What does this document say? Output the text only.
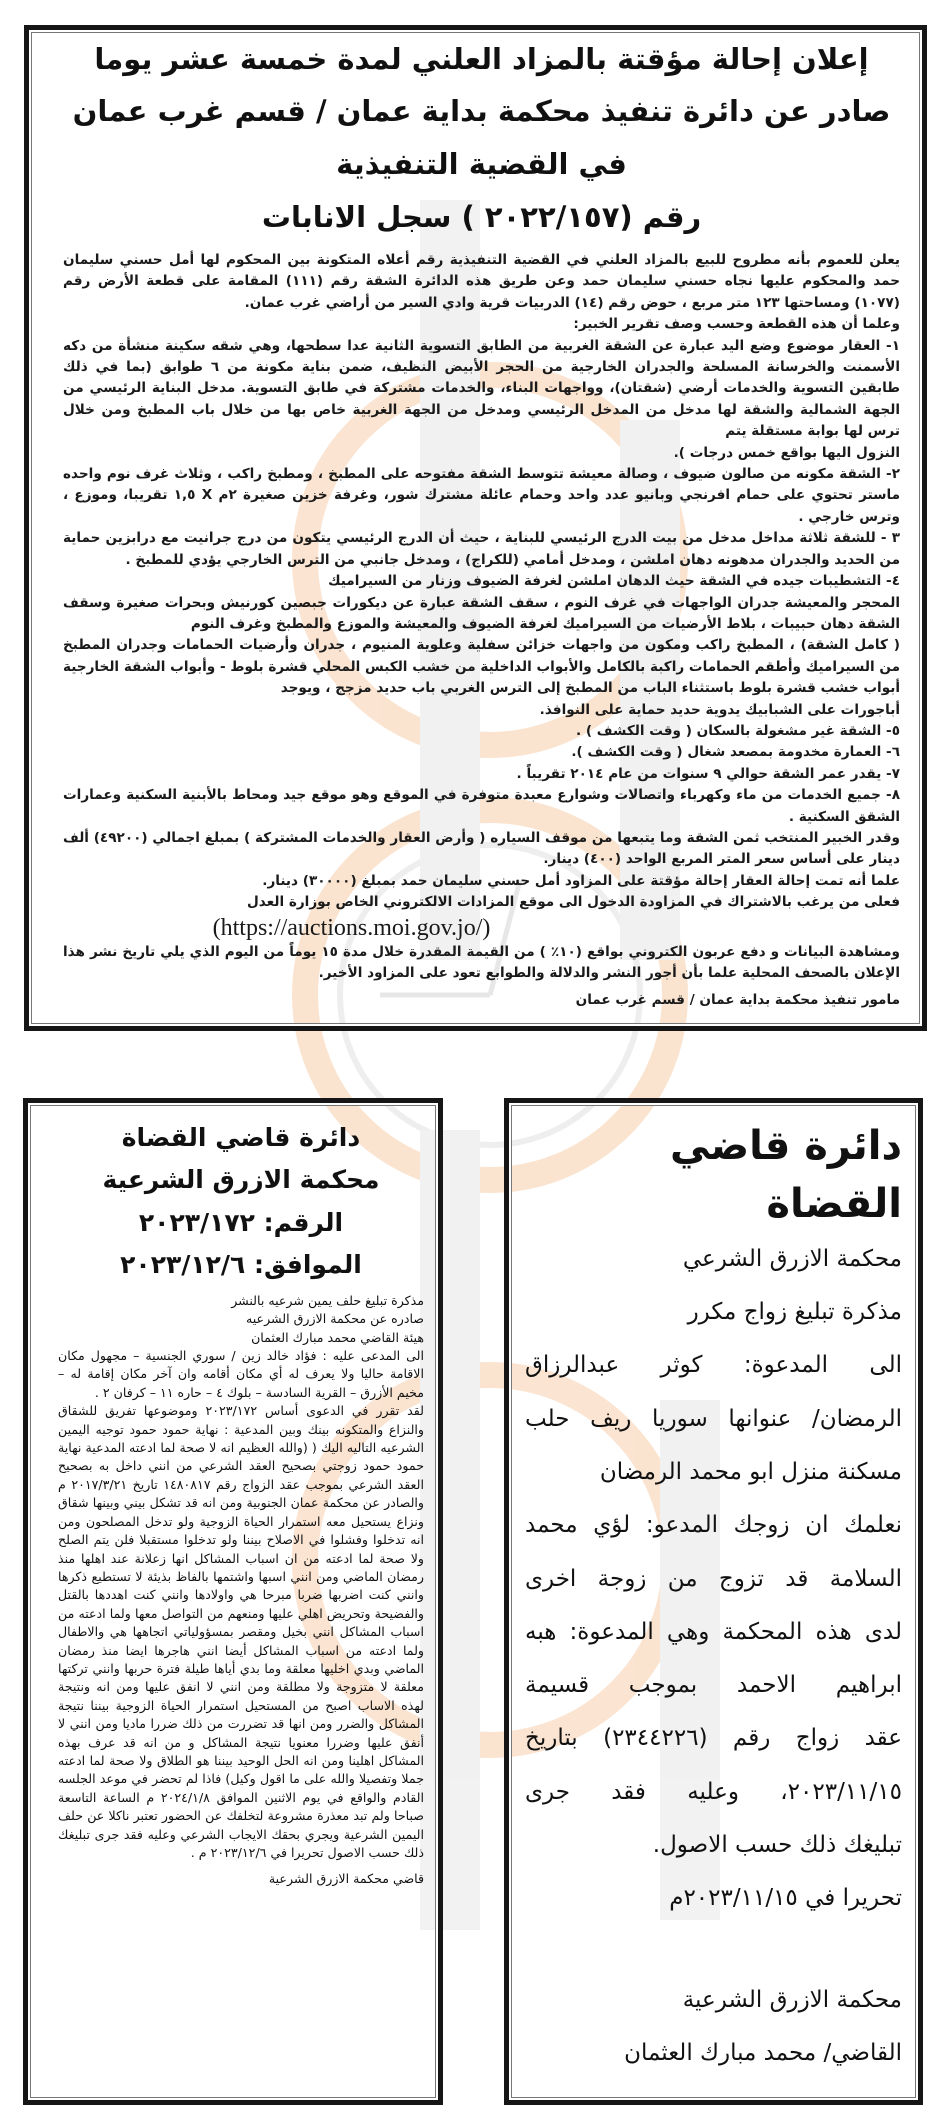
إعلان إحالة مؤقتة بالمزاد العلني لمدة خمسة عشر يوما
صادر عن دائرة تنفيذ محكمة بداية عمان / قسم غرب عمان
في القضية التنفيذية
رقم (٢٠٢٢/١٥٧ ) سجل الانابات

يعلن للعموم بأنه مطروح للبيع بالمزاد العلني في القضية التنفيذية رقم أعلاه المتكونة بين المحكوم لها أمل حسني سليمان حمد والمحكوم عليها نجاه حسني سليمان حمد وعن طريق هذه الدائرة الشقة رقم (١١١) المقامة على قطعة الأرض رقم (١٠٧٧) ومساحتها ١٢٣ متر مربع ، حوض رقم (١٤) الدربيات قرية وادي السير من أراضي غرب عمان.

وعلما أن هذه القطعة وحسب وصف تقرير الخبير:

١- العقار موضوع وضع اليد عبارة عن الشقة الغربية من الطابق التسوية الثانية عدا سطحها، وهي شقه سكينة منشأة من دكه الأسمنت والخرسانة المسلحة والجدران الخارجية من الحجر الأبيض النظيف، ضمن بناية مكونة من ٦ طوابق (بما في ذلك طابقين التسوية والخدمات أرضي (شقتان)، وواجهات البناء، والخدمات مشتركة في طابق التسوية. مدخل البناية الرئيسي من الجهة الشمالية والشقة لها مدخل من المدخل الرئيسي ومدخل من الجهة الغربية خاص بها من خلال باب المطبخ ومن خلال ترس لها بوابة مستقلة يتم

النزول اليها بواقع خمس درجات ).

٢- الشقة مكونه من صالون ضيوف ، وصالة معيشة تتوسط الشقة مفتوحه على المطبخ ، ومطبخ راكب ، وثلاث غرف نوم واحده ماستر تحتوي على حمام افرنجي وبانيو عدد واحد وحمام عائلة مشترك شور، وغرفة خزين صغيرة ٢م X ١,٥ تقريبا، وموزع ، وترس خارجي .

٣ - للشقة ثلاثة مداخل مدخل من بيت الدرج الرئيسي للبناية ، حيث أن الدرج الرئيسي يتكون من درج جرانيت مع درابزين حماية من الحديد والجدران مدهونه دهان املشن ، ومدخل أمامي (للكراج) ، ومدخل جانبي من الترس الخارجي يؤدي للمطبخ .

٤- التشطيبات جيده في الشقة حيث الدهان املشن لغرفة الضيوف وزنار من السيراميك

المحجر والمعيشة جدران الواجهات في غرف النوم ، سقف الشقة عبارة عن ديكورات جبصين كورنيش وبحرات صغيرة وسقف الشقة دهان حبيبات ، بلاط الأرضيات من السيراميك لغرفة الضيوف والمعيشة والموزع والمطبخ وغرف النوم

( كامل الشقة) ، المطبخ راكب ومكون من واجهات خزائن سفلية وعلوية المنيوم ، جدران وأرضيات الحمامات وجدران المطبخ من السيراميك وأطقم الحمامات راكبة بالكامل والأبواب الداخلية من خشب الكبس المحلي قشرة بلوط - وأبواب الشقة الخارجية أبواب خشب قشرة بلوط باستثناء الباب من المطبخ إلى الترس الغربي باب حديد مزجج ، ويوجد

أباجورات على الشبابيك يدوية حديد حماية على النوافذ.

٥- الشقة غير مشغولة بالسكان ( وقت الكشف ) .

٦- العمارة مخدومة بمصعد شغال ( وقت الكشف ).

٧- يقدر عمر الشقة حوالي ٩ سنوات من عام ٢٠١٤ تقريباً .

٨- جميع الخدمات من ماء وكهرباء واتصالات وشوارع معبدة متوفرة في الموقع وهو موقع جيد ومحاط بالأبنية السكنية وعمارات الشقق السكنية .

وقدر الخبير المنتخب ثمن الشقة وما يتبعها من موقف السياره ( وأرض العقار والخدمات المشتركة ) بمبلغ اجمالي (٤٩٢٠٠) ألف دينار على أساس سعر المتر المربع الواحد (٤٠٠) دينار.

علما أنه تمت إحالة العقار إحالة مؤقتة على المزاود أمل حسني سليمان حمد بمبلغ (٣٠٠٠٠) دينار.

فعلى من يرغب بالاشتراك في المزاودة الدخول الى موقع المزادات الالكتروني الخاص بوزارة العدل

(https://auctions.moi.gov.jo/)

ومشاهدة البيانات و دفع عربون الكتروني بواقع (١٠٪ ) من القيمة المقدرة خلال مدة ١٥ يوماً من اليوم الذي يلي تاريخ نشر هذا الإعلان بالصحف المحلية علما بأن أجور النشر والدلالة والطوابع تعود على المزاود الأخير.

مامور تنفيذ محكمة بداية عمان / قسم غرب عمان

دائرة قاضي القضاة
محكمة الازرق الشرعية
الرقم: ٢٠٢٣/١٧٢
الموافق: ٢٠٢٣/١٢/٦

مذكرة تبليغ حلف يمين شرعيه بالنشر

صادره عن محكمة الازرق الشرعيه

هيئة القاضي محمد مبارك العثمان

الى المدعى عليه : فؤاد خالد زين / سوري الجنسية – مجهول مكان الاقامة حاليا ولا يعرف له أي مكان أقامه وان آخر مكان إقامة له – مخيم الأزرق – القرية السادسة – بلوك ٤ – حاره ١١ – كرفان ٢ .

لقد تقرر في الدعوى أساس ٢٠٢٣/١٧٢ وموضوعها تفريق للشقاق والنزاع والمتكونه بينك وبين المدعية : نهاية حمود حمود توجيه اليمين الشرعيه التاليه اليك ( (والله العظيم انه لا صحة لما ادعته المدعية نهاية حمود حمود زوجتي بصحيح العقد الشرعي من انني داخل به بصحيح العقد الشرعي بموجب عقد الزواج رقم ١٤٨٠٨١٧ تاريخ ٢٠١٧/٣/٢١ م والصادر عن محكمة عمان الجنوبية ومن انه قد تشكل بيني وبينها شقاق ونزاع يستحيل معه استمرار الحياة الزوجية ولو تدخل المصلحون ومن انه تدخلوا وفشلوا في الاصلاح بيننا ولو تدخلوا مستقبلا فلن يتم الصلح ولا صحة لما ادعته من ان اسباب المشاكل انها زعلانة عند اهلها منذ رمضان الماضي ومن انني اسبها واشتمها بالفاظ بذيئة لا تستطيع ذكرها وانني كنت اضربها ضربا مبرحا هي واولادها وانني كنت اهددها بالقتل والفضيحة وتحريض اهلي عليها ومنعهم من التواصل معها ولما ادعته من اسباب المشاكل انني بخيل ومقصر بمسؤولياتي اتجاهها هي والاطفال ولما ادعته من اسباب المشاكل أيضا انني هاجرها ايضا منذ رمضان الماضي وبدي اخليها معلقة وما بدي أياها طيلة فترة حربها وانني تركتها معلقة لا متزوجة ولا مطلقة ومن انني لا انفق عليها ومن انه ونتيجة لهذه الاساب اصبح من المستحيل استمرار الحياة الزوجية بيننا نتيجة المشاكل والضرر ومن انها قد تضررت من ذلك ضررا ماديا ومن انني لا أنفق عليها وضررا معنويا نتيجة المشاكل و من انه قد عرف بهذه المشاكل اهلينا ومن انه الحل الوحيد بيننا هو الطلاق ولا صحة لما ادعته جملا وتفصيلا والله على ما اقول وكيل) فاذا لم تحضر في موعد الجلسه القادم والواقع في يوم الاثنين الموافق ٢٠٢٤/١/٨ م الساعة التاسعة صباحا ولم تبد معذرة مشروعة لتخلفك عن الحضور تعتبر ناكلا عن حلف اليمين الشرعية ويجري بحقك الايجاب الشرعي وعليه فقد جرى تبليغك ذلك حسب الاصول تحريرا في ٢٠٢٣/١٢/٦ م .

قاضي محكمة الازرق الشرعية

دائرة قاضي القضاة
محكمة الازرق الشرعي
مذكرة تبليغ زواج مكرر
الى المدعوة: كوثر عبدالرزاق
الرمضان/ عنوانها سوريا ريف حلب
مسكنة منزل ابو محمد الرمضان
نعلمك ان زوجك المدعو: لؤي محمد
السلامة قد تزوج من زوجة اخرى
لدى هذه المحكمة وهي المدعوة: هبه
ابراهيم الاحمد بموجب قسيمة
عقد زواج رقم (٢٣٤٤٢٢٦) بتاريخ
٢٠٢٣/١١/١٥، وعليه فقد جرى
تبليغك ذلك حسب الاصول.
تحريرا في ٢٠٢٣/١١/١٥م
محكمة الازرق الشرعية
القاضي/ محمد مبارك العثمان
